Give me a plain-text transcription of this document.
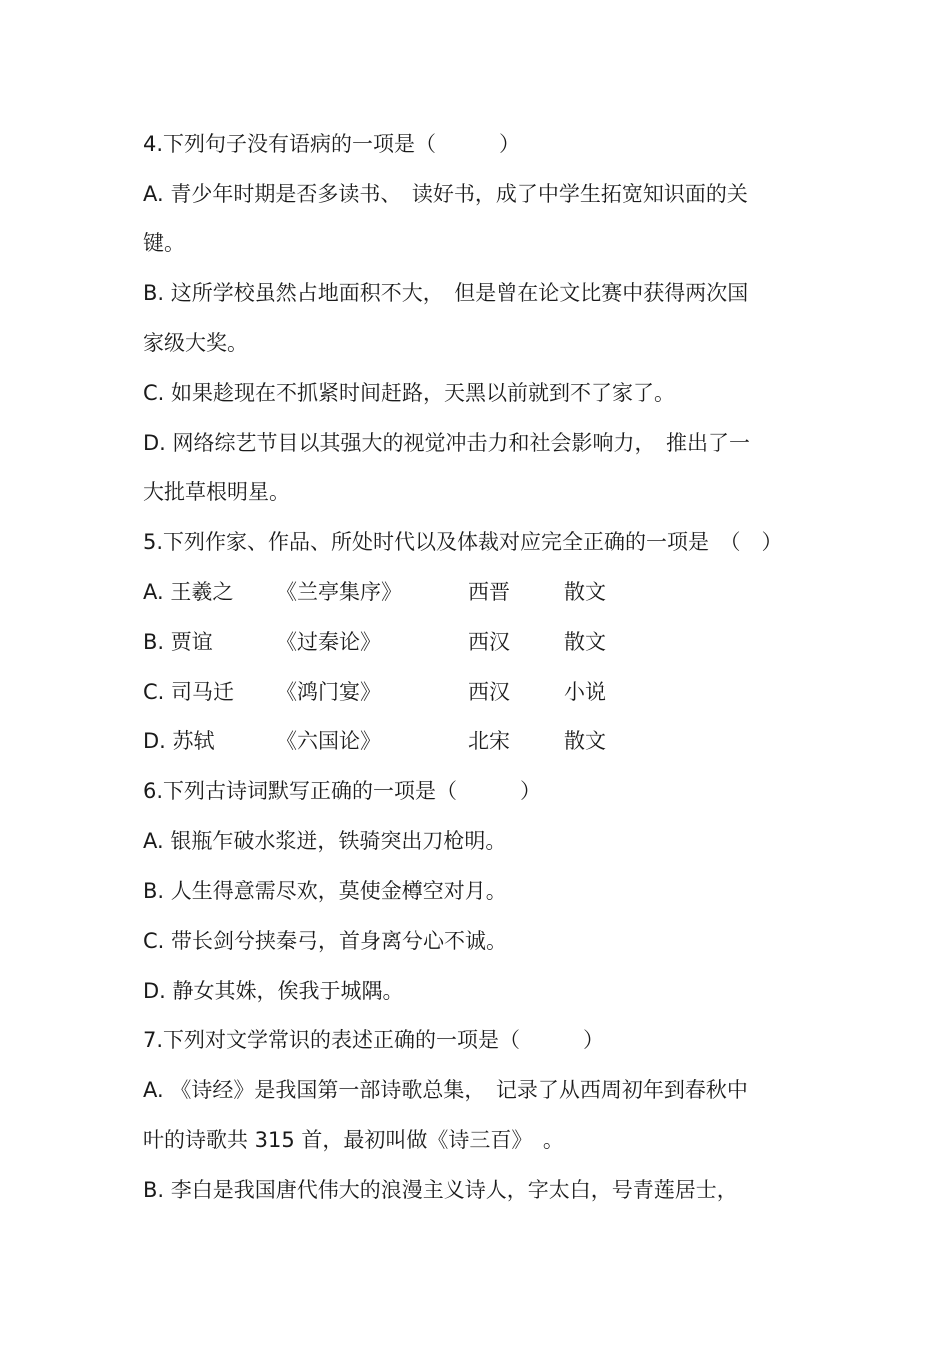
4.下列句子没有语病的一项是（　　　）
A. 青少年时期是否多读书、　读好书，成了中学生拓宽知识面的关
键。
B. 这所学校虽然占地面积不大，　但是曾在论文比赛中获得两次国
家级大奖。
C. 如果趁现在不抓紧时间赶路，天黑以前就到不了家了。
D. 网络综艺节目以其强大的视觉冲击力和社会影响力，　推出了一
大批草根明星。
5.下列作家、作品、所处时代以及体裁对应完全正确的一项是　（　）
A. 王羲之 《兰亭集序》	西晋	散文
B. 贾谊	《过秦论》	西汉	散文
C. 司马迁 《鸿门宴》	西汉	小说
D. 苏轼	《六国论》	北宋	散文
6.下列古诗词默写正确的一项是（　　　）
A. 银瓶乍破水浆迸，铁骑突出刀枪明。
B. 人生得意需尽欢，莫使金樽空对月。
C. 带长剑兮挟秦弓，首身离兮心不诚。
D. 静女其姝，俟我于城隅。
7.下列对文学常识的表述正确的一项是（　　　）
A. 《诗经》是我国第一部诗歌总集，　记录了从西周初年到春秋中
叶的诗歌共 315 首，最初叫做《诗三百》　。
B. 李白是我国唐代伟大的浪漫主义诗人，字太白，号青莲居士，
